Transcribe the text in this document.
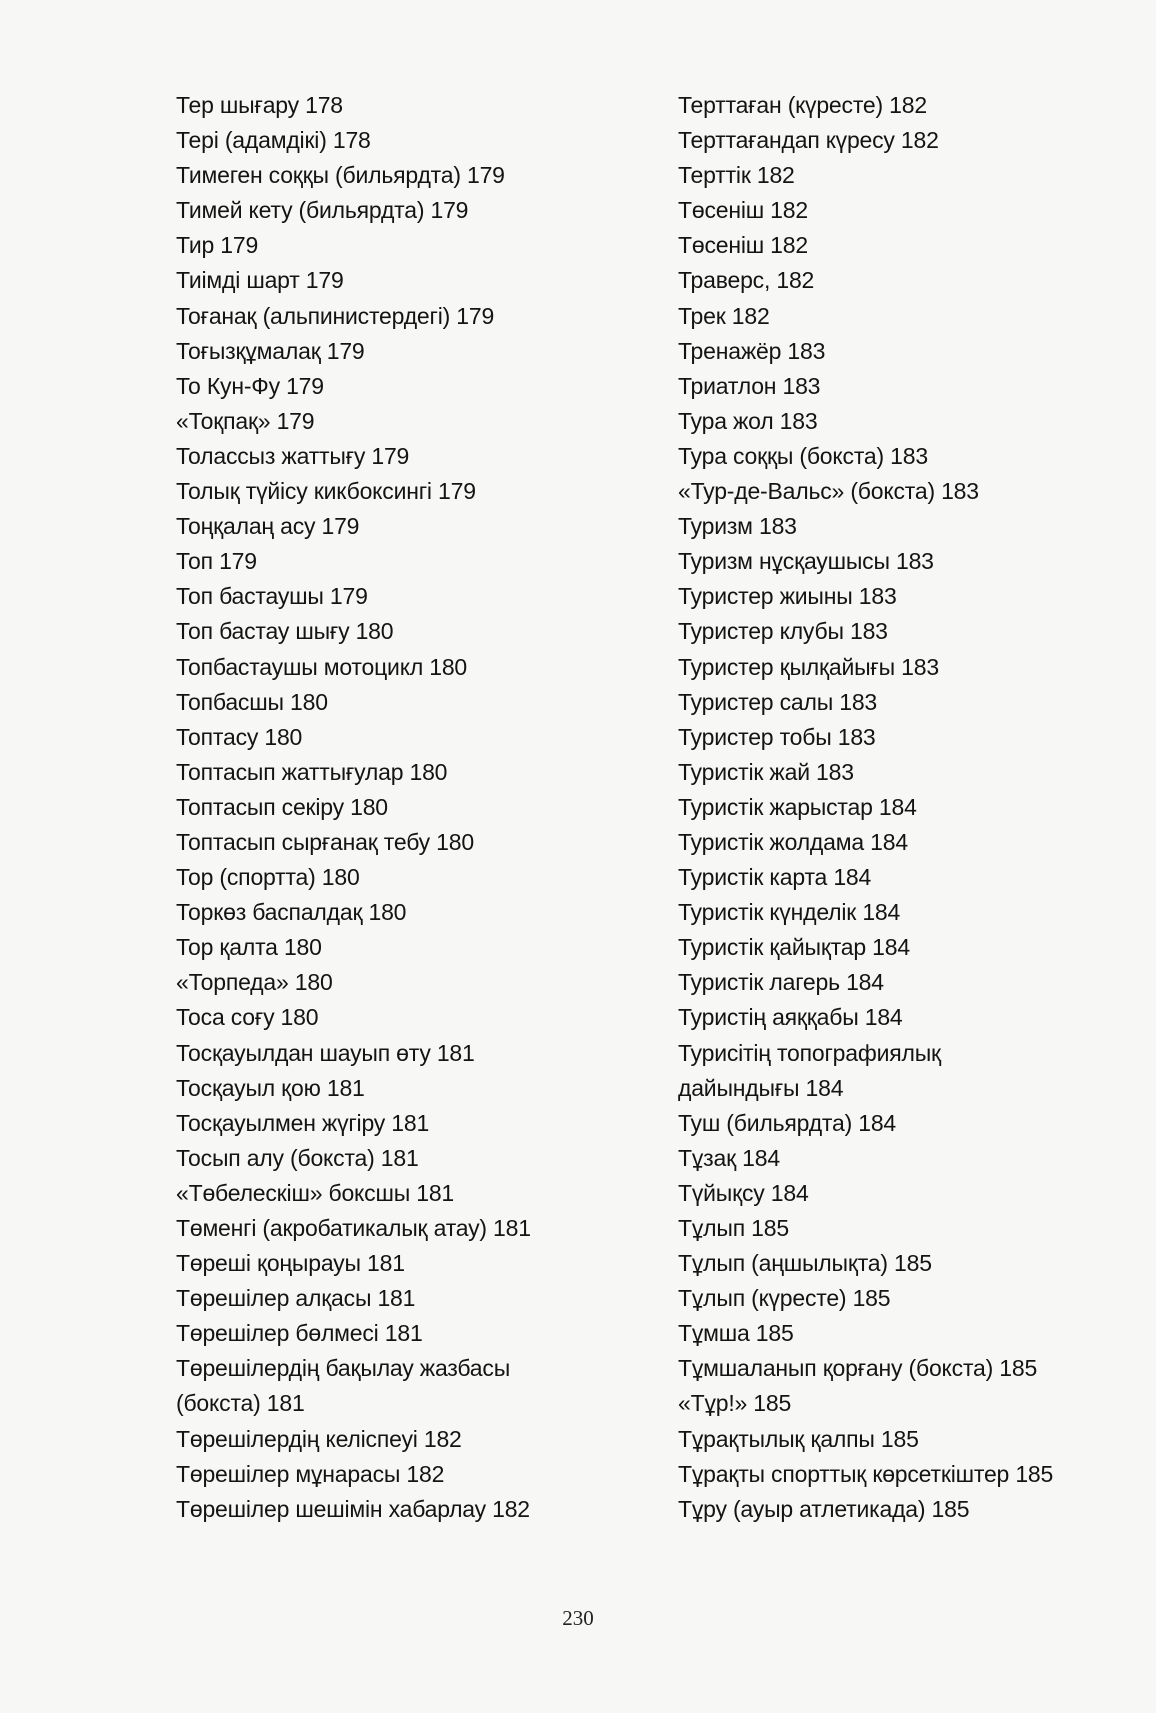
Тер шығару 178
Тері (адамдікі) 178
Тимеген соққы (бильярдта) 179
Тимей кету (бильярдта) 179
Тир 179
Тиімді шарт 179
Тоғанақ (альпинистердегі) 179
Тоғызқұмалақ 179
То Кун-Фу 179
«Тоқпақ» 179
Толассыз жаттығу 179
Толық түйісу кикбоксингі 179
Тоңқалаң асу 179
Топ 179
Топ бастаушы 179
Топ бастау шығу 180
Топбастаушы мотоцикл 180
Топбасшы 180
Топтасу 180
Топтасып жаттығулар 180
Топтасып секіру 180
Топтасып сырғанақ тебу 180
Тор (спортта) 180
Торкөз баспалдақ 180
Тор қалта 180
«Торпеда» 180
Тоса соғу 180
Тосқауылдан шауып өту 181
Тосқауыл қою 181
Тосқауылмен жүгіру 181
Тосып алу (бокста) 181
«Төбелескіш» боксшы 181
Төменгі (акробатикалық атау) 181
Төреші қоңырауы 181
Төрешілер алқасы 181
Төрешілер бөлмесі 181
Төрешілердің бақылау жазбасы
(бокста) 181
Төрешілердің келіспеуі 182
Төрешілер мұнарасы 182
Төрешілер шешімін хабарлау 182
Терттаған (күресте) 182
Терттағандап күресу 182
Терттік 182
Төсеніш 182
Төсеніш 182
Траверс, 182
Трек 182
Тренажёр 183
Триатлон 183
Тура жол 183
Тура соққы (бокста) 183
«Тур-де-Вальс» (бокста) 183
Туризм 183
Туризм нұсқаушысы 183
Туристер жиыны 183
Туристер клубы 183
Туристер қылқайығы 183
Туристер салы 183
Туристер тобы 183
Туристік жай 183
Туристік жарыстар 184
Туристік жолдама 184
Туристік карта 184
Туристік күнделік 184
Туристік қайықтар 184
Туристік лагерь 184
Туристің аяққабы 184
Турисітің топографиялық
дайындығы 184
Туш (бильярдта) 184
Тұзақ 184
Түйықсу 184
Тұлып 185
Тұлып (аңшылықта) 185
Тұлып (күресте) 185
Тұмша 185
Тұмшаланып қорғану (бокста) 185
«Тұр!» 185
Тұрақтылық қалпы 185
Тұрақты спорттық көрсеткіштер 185
Тұру (ауыр атлетикада) 185
230
